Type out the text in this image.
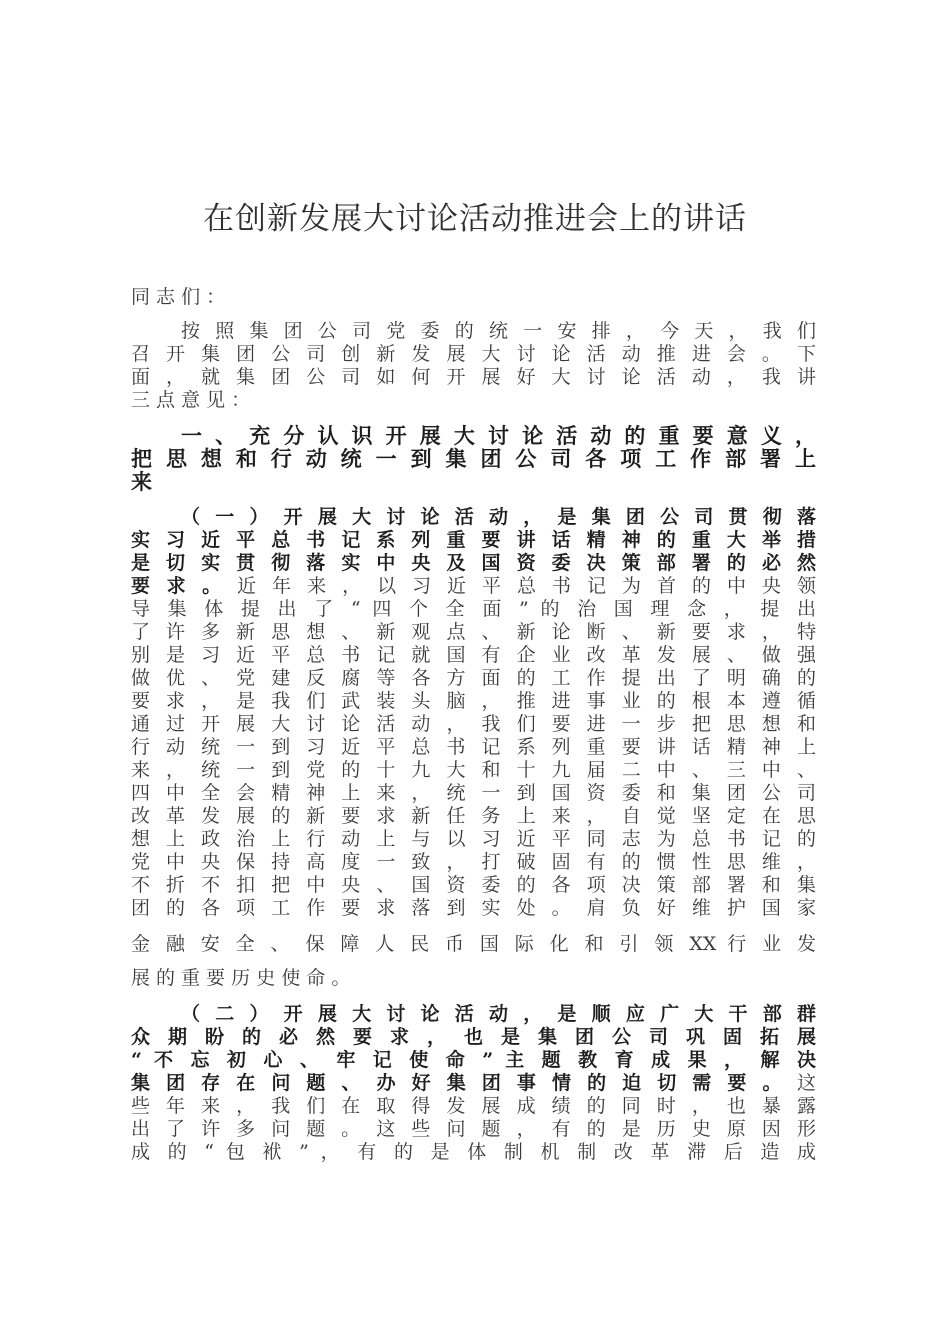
在创新发展大讨论活动推进会上的讲话
同 志 们 ：
按 照 集 团 公 司 党 委 的 统 一 安 排 ， 今 天 ， 我 们
召 开 集 团 公 司 创 新 发 展 大 讨 论 活 动 推 进 会 。 下
面 ， 就 集 团 公 司 如 何 开 展 好 大 讨 论 活 动 ， 我 讲
三 点 意 见 ：
一 、 充 分 认 识 开 展 大 讨 论 活 动 的 重 要 意 义 ，
把 思 想 和 行 动 统 一 到 集 团 公 司 各 项 工 作 部 署 上
来
（ 一 ） 开 展 大 讨 论 活 动 ， 是 集 团 公 司 贯 彻 落
实 习 近 平 总 书 记 系 列 重 要 讲 话 精 神 的 重 大 举 措
是 切 实 贯 彻 落 实 中 央 及 国 资 委 决 策 部 署 的 必 然
要 求 。 近 年 来 ， 以 习 近 平 总 书 记 为 首 的 中 央 领
导 集 体 提 出 了 “ 四 个 全 面 ” 的 治 国 理 念 ， 提 出
了 许 多 新 思 想 、 新 观 点 、 新 论 断 、 新 要 求 ， 特
别 是 习 近 平 总 书 记 就 国 有 企 业 改 革 发 展 、 做 强
做 优 、 党 建 反 腐 等 各 方 面 的 工 作 提 出 了 明 确 的
要 求 ， 是 我 们 武 装 头 脑 ， 推 进 事 业 的 根 本 遵 循
通 过 开 展 大 讨 论 活 动 ， 我 们 要 进 一 步 把 思 想 和
行 动 统 一 到 习 近 平 总 书 记 系 列 重 要 讲 话 精 神 上
来 ， 统 一 到 党 的 十 九 大 和 十 九 届 二 中 、 三 中 、
四 中 全 会 精 神 上 来 ， 统 一 到 国 资 委 和 集 团 公 司
改 革 发 展 的 新 要 求 新 任 务 上 来 ， 自 觉 坚 定 在 思
想 上 政 治 上 行 动 上 与 以 习 近 平 同 志 为 总 书 记 的
党 中 央 保 持 高 度 一 致 ， 打 破 固 有 的 惯 性 思 维 ，
不 折 不 扣 把 中 央 、 国 资 委 的 各 项 决 策 部 署 和 集
团 的 各 项 工 作 要 求 落 到 实 处 。 肩 负 好 维 护 国 家
金 融 安 全 、 保 障 人 民 币 国 际 化 和 引 领 XX 行 业 发
展 的 重 要 历 史 使 命 。
（ 二 ） 开 展 大 讨 论 活 动 ， 是 顺 应 广 大 干 部 群
众 期 盼 的 必 然 要 求 ， 也 是 集 团 公 司 巩 固 拓 展
“ 不 忘 初 心 、 牢 记 使 命 ” 主 题 教 育 成 果 ， 解 决
集 团 存 在 问 题 、 办 好 集 团 事 情 的 迫 切 需 要 。 这
些 年 来 ， 我 们 在 取 得 发 展 成 绩 的 同 时 ， 也 暴 露
出 了 许 多 问 题 。 这 些 问 题 ， 有 的 是 历 史 原 因 形
成 的 “ 包 袱 ” ， 有 的 是 体 制 机 制 改 革 滞 后 造 成
